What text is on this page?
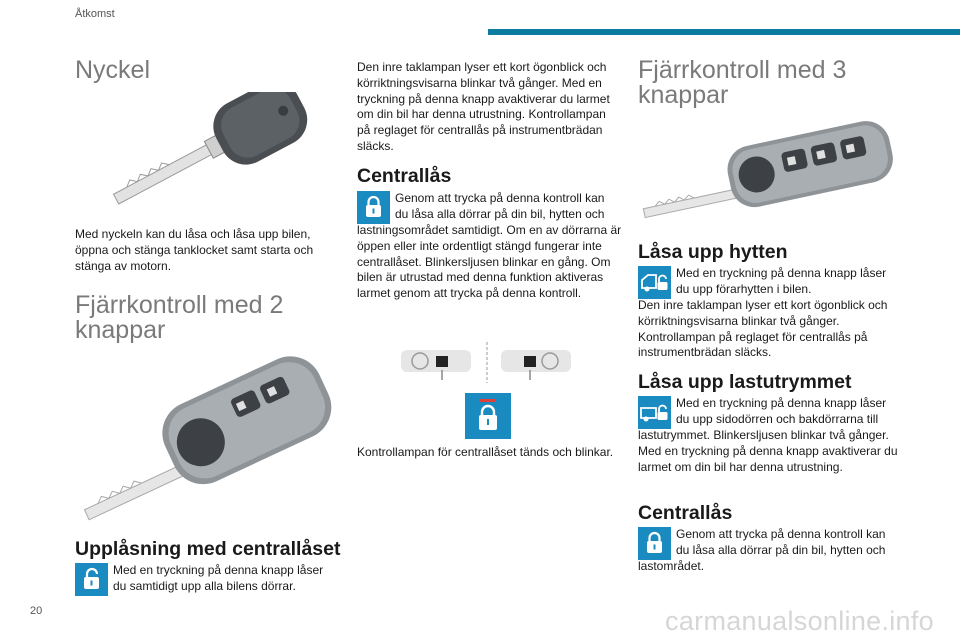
Åtkomst
Nyckel
Med nyckeln kan du låsa och låsa upp bilen, öppna och stänga tanklocket samt starta och stänga av motorn.
Fjärrkontroll med 2
knappar
Upplåsning med centrallåset
Med en tryckning på denna knapp låser
du samtidigt upp alla bilens dörrar.
Den inre taklampan lyser ett kort ögonblick och körriktningsvisarna blinkar två gånger. Med en tryckning på denna knapp avaktiverar du larmet om din bil har denna utrustning. Kontrollampan på reglaget för centrallås på instrumentbrädan släcks.
Centrallås
Genom att trycka på denna kontroll kan
du låsa alla dörrar på din bil, hytten och
lastningsområdet samtidigt. Om en av dörrarna är öppen eller inte ordentligt stängd fungerar inte centrallåset. Blinkersljusen blinkar en gång. Om bilen är utrustad med denna funktion aktiveras larmet genom att trycka på denna kontroll.
Kontrollampan för centrallåset tänds och blinkar.
Fjärrkontroll med 3
knappar
Låsa upp hytten
Med en tryckning på denna knapp låser
du upp förarhytten i bilen.
Den inre taklampan lyser ett kort ögonblick och körriktningsvisarna blinkar två gånger. Kontrollampan på reglaget för centrallås på instrumentbrädan släcks.
Låsa upp lastutrymmet
Med en tryckning på denna knapp låser
du upp sidodörren och bakdörrarna till
lastutrymmet. Blinkersljusen blinkar två gånger. Med en tryckning på denna knapp avaktiverar du larmet om din bil har denna utrustning.
Centrallås
Genom att trycka på denna kontroll kan
du låsa alla dörrar på din bil, hytten och
lastområdet.
20	carmanualsonline.info
